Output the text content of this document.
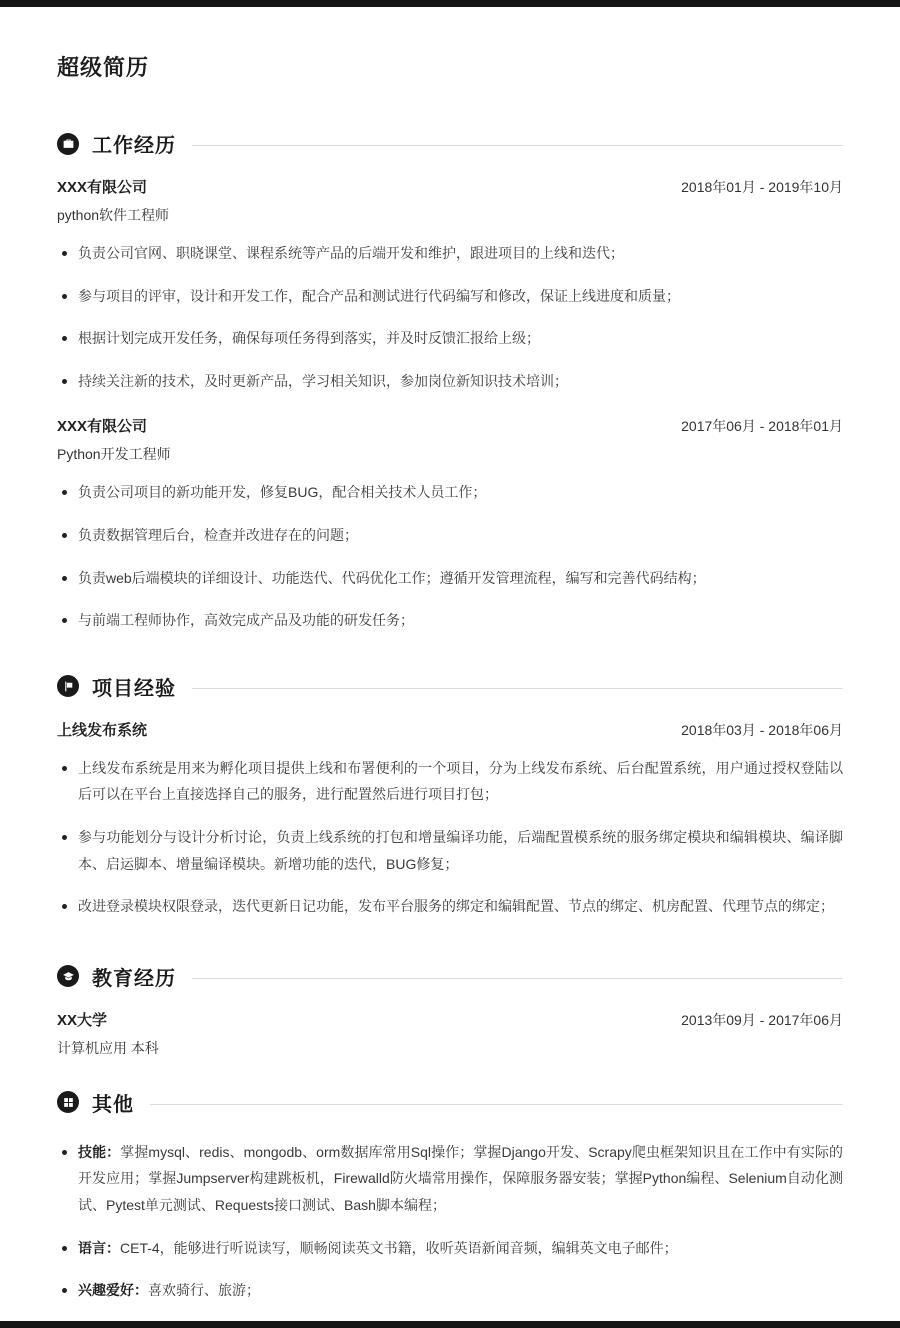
超级简历
工作经历
XXX有限公司	2018年01月 - 2019年10月
python软件工程师
负责公司官网、职晓课堂、课程系统等产品的后端开发和维护，跟进项目的上线和迭代；
参与项目的评审，设计和开发工作，配合产品和测试进行代码编写和修改，保证上线进度和质量；
根据计划完成开发任务，确保每项任务得到落实，并及时反馈汇报给上级；
持续关注新的技术，及时更新产品，学习相关知识，参加岗位新知识技术培训；
XXX有限公司	2017年06月 - 2018年01月
Python开发工程师
负责公司项目的新功能开发，修复BUG，配合相关技术人员工作；
负责数据管理后台，检查并改进存在的问题；
负责web后端模块的详细设计、功能迭代、代码优化工作；遵循开发管理流程，编写和完善代码结构；
与前端工程师协作，高效完成产品及功能的研发任务；
项目经验
上线发布系统	2018年03月 - 2018年06月
上线发布系统是用来为孵化项目提供上线和布署便利的一个项目，分为上线发布系统、后台配置系统，用户通过授权登陆以后可以在平台上直接选择自己的服务，进行配置然后进行项目打包；
参与功能划分与设计分析讨论，负责上线系统的打包和增量编译功能，后端配置模系统的服务绑定模块和编辑模块、编译脚本、启运脚本、增量编译模块。新增功能的迭代，BUG修复；
改进登录模块权限登录，迭代更新日记功能，发布平台服务的绑定和编辑配置、节点的绑定、机房配置、代理节点的绑定；
教育经历
XX大学	2013年09月 - 2017年06月
计算机应用 本科
其他
技能：掌握mysql、redis、mongodb、orm数据库常用Sql操作；掌握Django开发、Scrapy爬虫框架知识且在工作中有实际的开发应用；掌握Jumpserver构建跳板机，Firewalld防火墙常用操作，保障服务器安装；掌握Python编程、Selenium自动化测试、Pytest单元测试、Requests接口测试、Bash脚本编程；
语言：CET-4，能够进行听说读写，顺畅阅读英文书籍，收听英语新闻音频，编辑英文电子邮件；
兴趣爱好：喜欢骑行、旅游；
